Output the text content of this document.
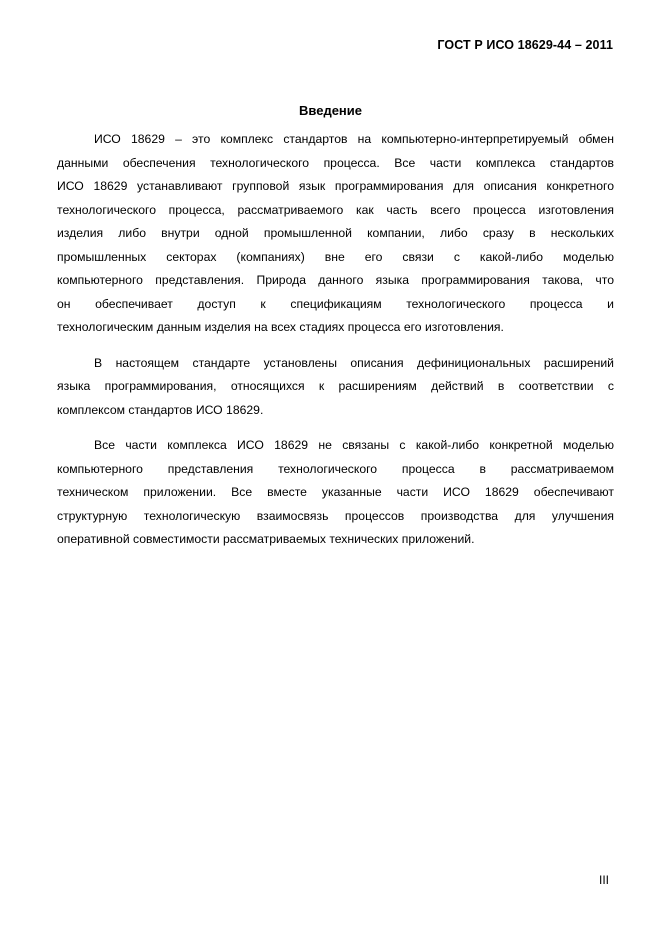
ГОСТ Р ИСО 18629-44 – 2011
Введение
ИСО 18629 – это комплекс стандартов на компьютерно-интерпретируемый обмен
данными обеспечения технологического процесса. Все части комплекса стандартов
ИСО 18629 устанавливают групповой язык программирования для описания конкретного
технологического процесса, рассматриваемого как часть всего процесса изготовления
изделия либо внутри одной промышленной компании, либо сразу в нескольких
промышленных секторах (компаниях) вне его связи с какой-либо моделью
компьютерного представления. Природа данного языка программирования такова, что
он обеспечивает доступ к спецификациям технологического процесса и
технологическим данным изделия на всех стадиях процесса его изготовления.
В настоящем стандарте установлены описания дефинициональных расширений
языка программирования, относящихся к расширениям действий в соответствии с
комплексом стандартов ИСО 18629.
Все части комплекса ИСО 18629 не связаны с какой-либо конкретной моделью
компьютерного представления технологического процесса в рассматриваемом
техническом приложении. Все вместе указанные части ИСО 18629 обеспечивают
структурную технологическую взаимосвязь процессов производства для улучшения
оперативной совместимости рассматриваемых технических приложений.
III
